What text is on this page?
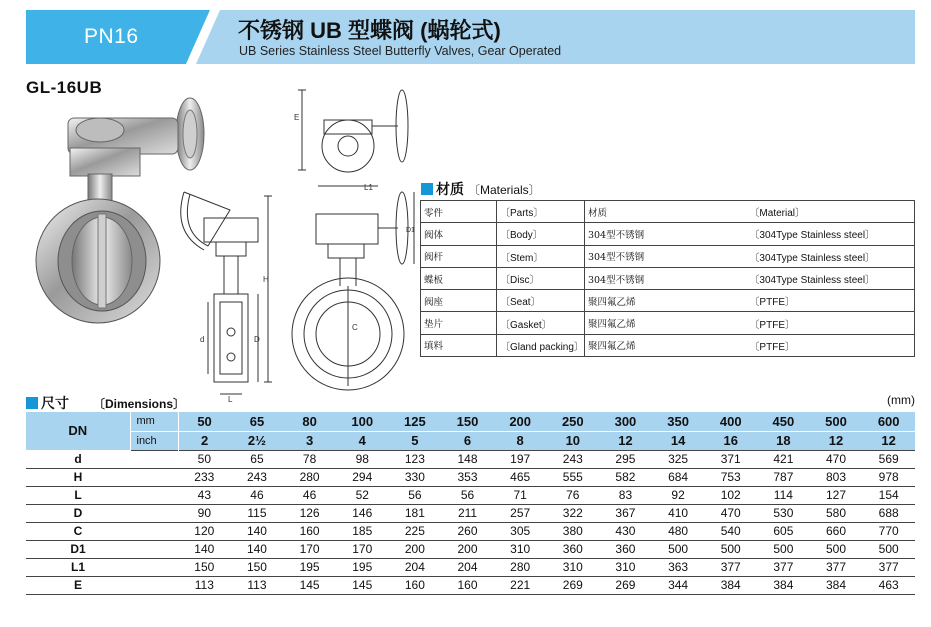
PN16	不锈钢 UB 型蝶阀 (蜗轮式)
UB Series Stainless Steel Butterfly Valves, Gear Operated
GL-16UB
H
D
d
L
E
L1
D1
C
材质 〔Materials〕
零件	〔Parts〕	材质	〔Material〕
阀体	〔Body〕	304型不锈钢	〔304Type Stainless steel〕
阀杆	〔Stem〕	304型不锈钢	〔304Type Stainless steel〕
蝶板	〔Disc〕	304型不锈钢	〔304Type Stainless steel〕
阀座	〔Seat〕	聚四氟乙烯	〔PTFE〕
垫片	〔Gasket〕	聚四氟乙烯	〔PTFE〕
填料	〔Gland packing〕	聚四氟乙烯	〔PTFE〕
尺寸 〔Dimensions〕	(mm)
DN	mm	50	65	80	100	125	150	200	250	300	350	400	450	500	600
	inch	2	2½	3	4	5	6	8	10	12	14	16	18	12	12
d		50	65	78	98	123	148	197	243	295	325	371	421	470	569
H		233	243	280	294	330	353	465	555	582	684	753	787	803	978
L		43	46	46	52	56	56	71	76	83	92	102	114	127	154
D		90	115	126	146	181	211	257	322	367	410	470	530	580	688
C		120	140	160	185	225	260	305	380	430	480	540	605	660	770
D1		140	140	170	170	200	200	310	360	360	500	500	500	500	500
L1		150	150	195	195	204	204	280	310	310	363	377	377	377	377
E		113	113	145	145	160	160	221	269	269	344	384	384	384	463
